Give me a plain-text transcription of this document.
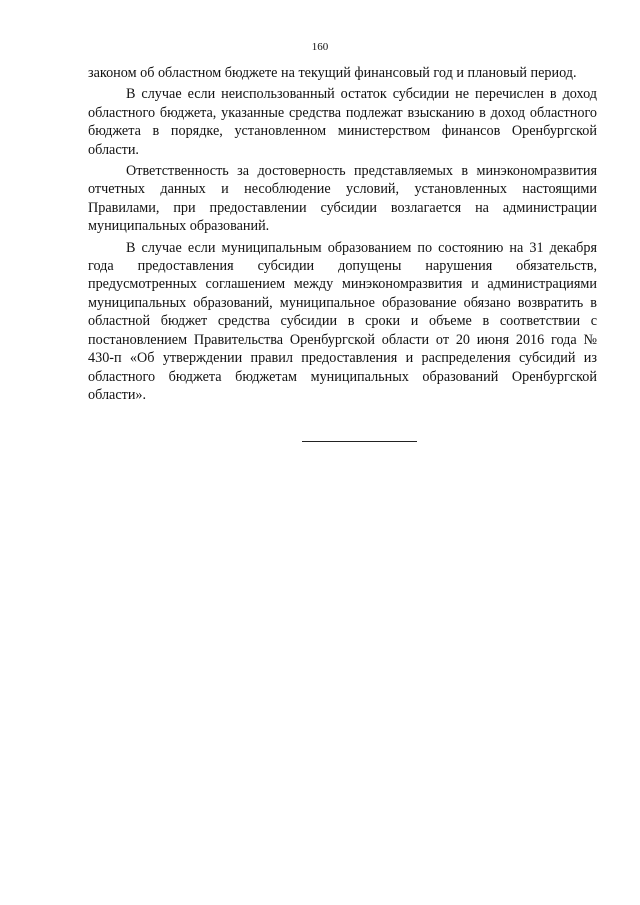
160

законом об областном бюджете на текущий финансовый год и плановый период.

В случае если неиспользованный остаток субсидии не перечислен в доход областного бюджета, указанные средства подлежат взысканию в доход областного бюджета в порядке, установленном министерством финансов Оренбургской области.

Ответственность за достоверность представляемых в минэкономразвития отчетных данных и несоблюдение условий, установленных настоящими Правилами, при предоставлении субсидии возлагается на администрации муниципальных образований.

В случае если муниципальным образованием по состоянию на 31 декабря года предоставления субсидии допущены нарушения обязательств, предусмотренных соглашением между минэкономразвития и администрациями муниципальных образований, муниципальное образование обязано возвратить в областной бюджет средства субсидии в сроки и объеме в соответствии с постановлением Правительства Оренбургской области от 20 июня 2016 года № 430-п «Об утверждении правил предоставления и распределения субсидий из областного бюджета бюджетам муниципальных образований Оренбургской области».
